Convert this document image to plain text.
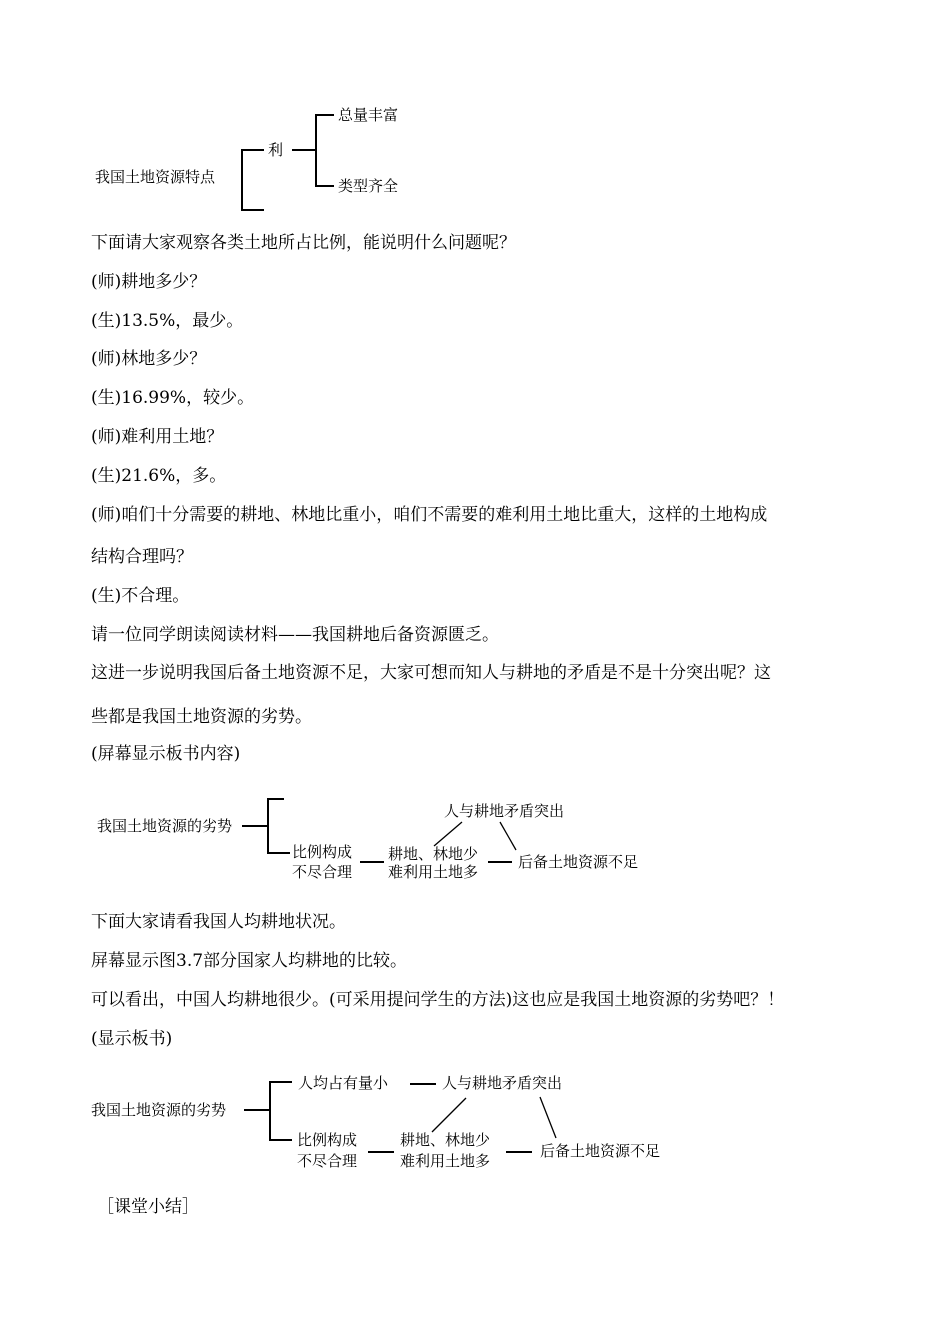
我国土地资源特点
利
总量丰富
类型齐全
下面请大家观察各类土地所占比例，能说明什么问题呢？
(师)耕地多少？
(生)13.5%，最少。
(师)林地多少？
(生)16.99%，较少。
(师)难利用土地？
(生)21.6%，多。
(师)咱们十分需要的耕地、林地比重小，咱们不需要的难利用土地比重大，这样的土地构成
结构合理吗？
(生)不合理。
请一位同学朗读阅读材料——我国耕地后备资源匮乏。
这进一步说明我国后备土地资源不足，大家可想而知人与耕地的矛盾是不是十分突出呢？这
些都是我国土地资源的劣势。
(屏幕显示板书内容)
我国土地资源的劣势
人与耕地矛盾突出
比例构成
不尽合理
耕地、林地少
难利用土地多
后备土地资源不足
下面大家请看我国人均耕地状况。
屏幕显示图3.7部分国家人均耕地的比较。
可以看出，中国人均耕地很少。(可采用提问学生的方法)这也应是我国土地资源的劣势吧？！
(显示板书)
我国土地资源的劣势
人均占有量小	人与耕地矛盾突出
比例构成
不尽合理
耕地、林地少
难利用土地多
后备土地资源不足
［课堂小结］
